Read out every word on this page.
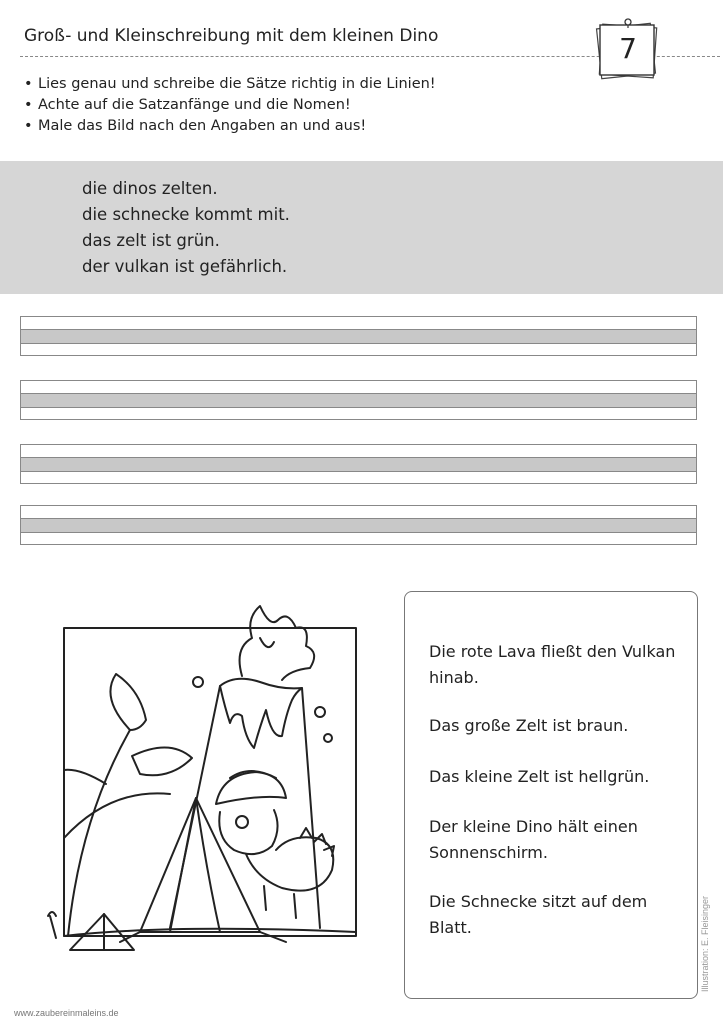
Groß- und Kleinschreibung mit dem kleinen Dino	7
• Lies genau und schreibe die Sätze richtig in die Linien!
• Achte auf die Satzanfänge und die Nomen!
• Male das Bild nach den Angaben an und aus!
die dinos zelten.
die schnecke kommt mit.
das zelt ist grün.
der vulkan ist gefährlich.

Die rote Lava fließt den Vulkan hinab.

Das große Zelt ist braun.

Das kleine Zelt ist hellgrün.

Der kleine Dino hält einen Sonnenschirm.

Die Schnecke sitzt auf dem Blatt.	Illustration: E. Fleisinger
www.zaubereinmaleins.de
